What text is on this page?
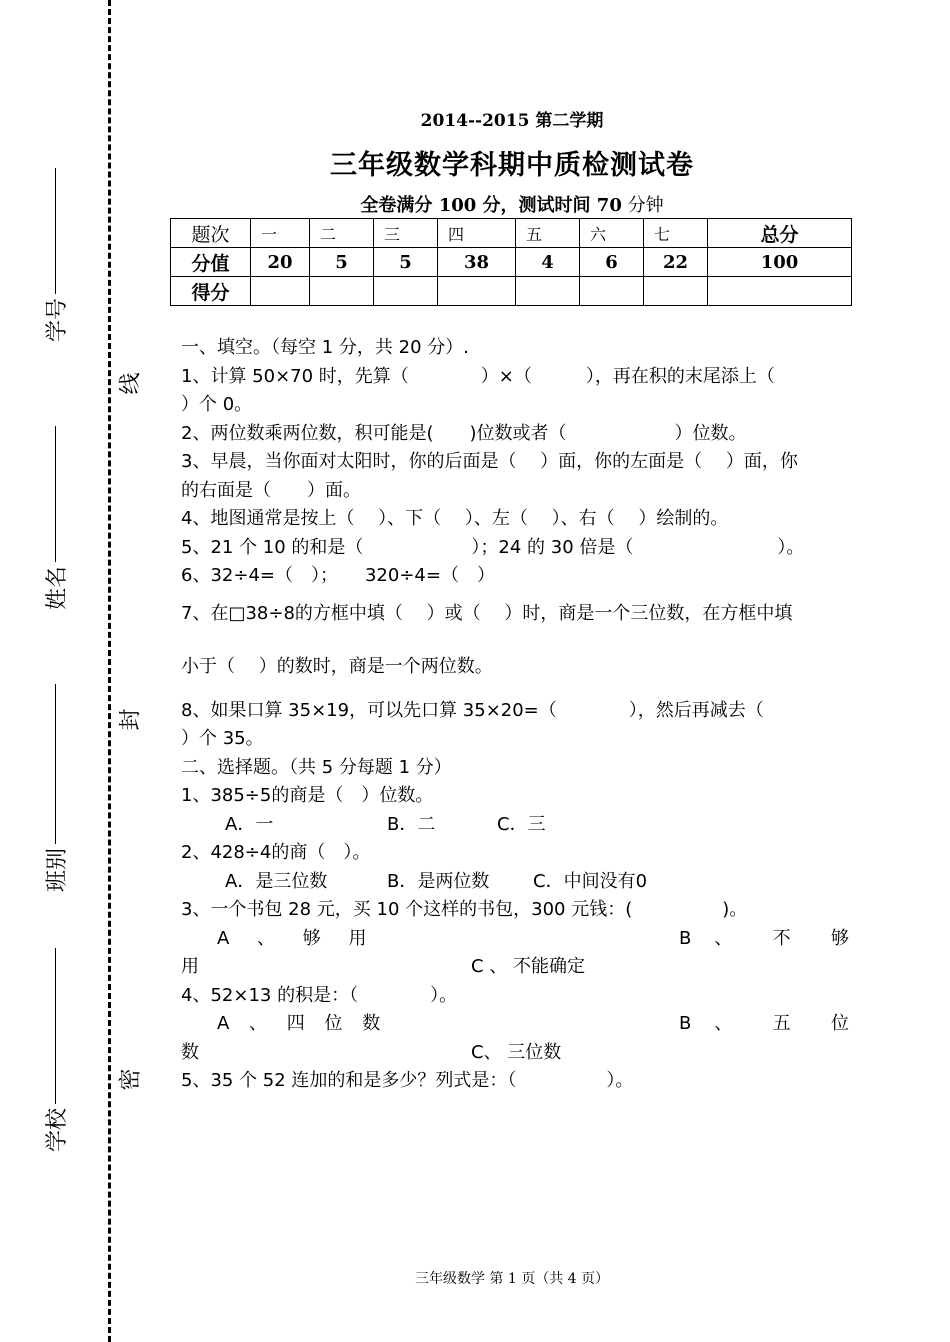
学号
姓名
班别
学校
线
封
密
2014--2015 第二学期
三年级数学科期中质检测试卷
全卷满分 100 分，测试时间 70 分钟
题次	一	二	三	四	五	六	七	总分
分值	20	5	5	38	4	6	22	100
得分								
一、填空。（每空 1 分，共 20 分）.
1、计算 50×70 时，先算（　　　　）×（　　　），再在积的末尾添上（
）个 0。
2、两位数乘两位数，积可能是(　　)位数或者（　　　　　　）位数。
3、早晨，当你面对太阳时，你的后面是（　 ）面，你的左面是（　 ）面，你
的右面是（　　）面。
4、地图通常是按上（　 ）、下（　 ）、左（　 ）、右（　 ）绘制的。
5、21 个 10 的和是（　　　　　　）；24 的 30 倍是（　　　　　　　　）。
6、32÷4=（　）；　　320÷4=（　）
7、在□38÷8的方框中填（　 ）或（　 ）时，商是一个三位数，在方框中填
小于（　 ）的数时，商是一个两位数。
8、如果口算 35×19，可以先口算 35×20=（　　　　），然后再减去（
）个 35。
二、选择题。（共 5 分每题 1 分）
1、385÷5的商是（　）位数。
A．一	B．二	C．三
2、428÷4的商（　）。
A．是三位数	B．是两位数	C．中间没有0
3、一个书包 28 元，买 10 个这样的书包，300 元钱：(　　　　　)。
A 、 够 用	B 、 不 够
用	C 、 不能确定
4、52×13 的积是：（　　　　）。
A 、 四 位 数	B 、 五 位
数	C、 三位数
5、35 个 52 连加的和是多少？列式是：（　　　　　）。
三年级数学 第 1 页（共 4 页）
